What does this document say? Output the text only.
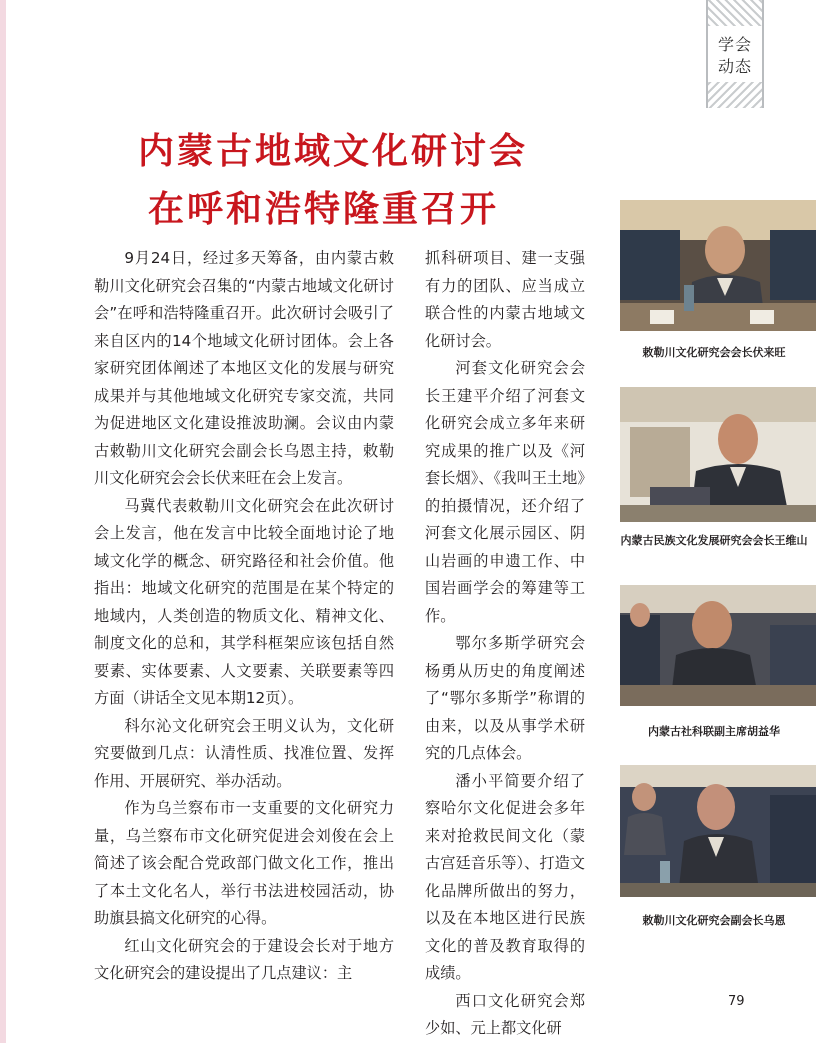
学会
动态
内蒙古地域文化研讨会
在呼和浩特隆重召开

9月24日，经过多天筹备，由内蒙古敕勒川文化研究会召集的“内蒙古地域文化研讨会”在呼和浩特隆重召开。此次研讨会吸引了来自区内的14个地域文化研讨团体。会上各家研究团体阐述了本地区文化的发展与研究成果并与其他地域文化研究专家交流，共同为促进地区文化建设推波助澜。会议由内蒙古敕勒川文化研究会副会长乌恩主持，敕勒川文化研究会会长伏来旺在会上发言。

马冀代表敕勒川文化研究会在此次研讨会上发言，他在发言中比较全面地讨论了地域文化学的概念、研究路径和社会价值。他指出：地域文化研究的范围是在某个特定的地域内，人类创造的物质文化、精神文化、制度文化的总和，其学科框架应该包括自然要素、实体要素、人文要素、关联要素等四方面（讲话全文见本期12页）。

科尔沁文化研究会王明义认为，文化研究要做到几点：认清性质、找准位置、发挥作用、开展研究、举办活动。

作为乌兰察布市一支重要的文化研究力量，乌兰察布市文化研究促进会刘俊在会上简述了该会配合党政部门做文化工作，推出了本土文化名人，举行书法进校园活动，协助旗县搞文化研究的心得。

红山文化研究会的于建设会长对于地方文化研究会的建设提出了几点建议：主

抓科研项目、建一支强有力的团队、应当成立联合性的内蒙古地域文化研讨会。

河套文化研究会会长王建平介绍了河套文化研究会成立多年来研究成果的推广以及《河套长烟》、《我叫王土地》的拍摄情况，还介绍了河套文化展示园区、阴山岩画的申遗工作、中国岩画学会的筹建等工作。

鄂尔多斯学研究会杨勇从历史的角度阐述了“鄂尔多斯学”称谓的由来，以及从事学术研究的几点体会。

潘小平简要介绍了察哈尔文化促进会多年来对抢救民间文化（蒙古宫廷音乐等）、打造文化品牌所做出的努力，以及在本地区进行民族文化的普及教育取得的成绩。

西口文化研究会郑少如、元上都文化研

敕勒川文化研究会会长伏来旺
内蒙古民族文化发展研究会会长王维山
内蒙古社科联副主席胡益华
敕勒川文化研究会副会长乌恩
79
